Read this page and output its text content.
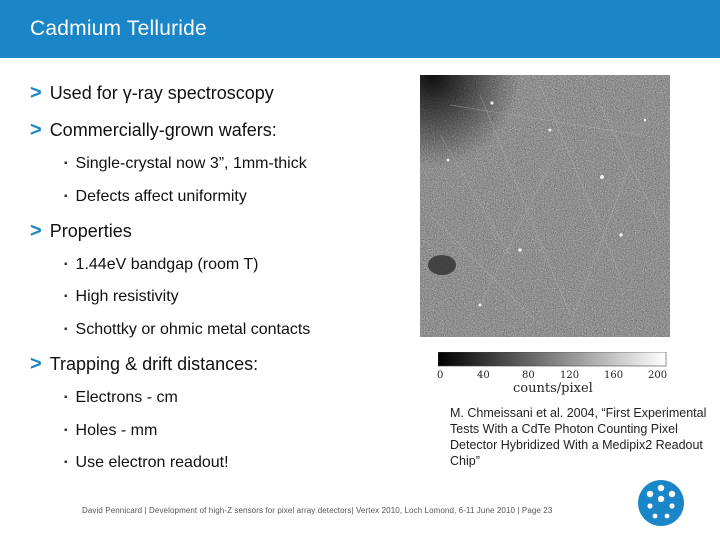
Cadmium Telluride
> Used for γ-ray spectroscopy
> Commercially-grown wafers:
▪ Single-crystal now 3”, 1mm-thick
▪ Defects affect uniformity
> Properties
▪ 1.44eV bandgap (room T)
▪ High resistivity
▪ Schottky or ohmic metal contacts
> Trapping & drift distances:
▪ Electrons - cm
▪ Holes - mm
▪ Use electron readout!
0	40	80	120 160 200
counts/pixel
M. Chmeissani et al. 2004, “First Experimental Tests With a CdTe Photon Counting Pixel Detector Hybridized With a Medipix2 Readout Chip”
David Pennicard | Development of high-Z sensors for pixel array detectors| Vertex 2010, Loch Lomond, 6-11 June 2010 | Page 23
